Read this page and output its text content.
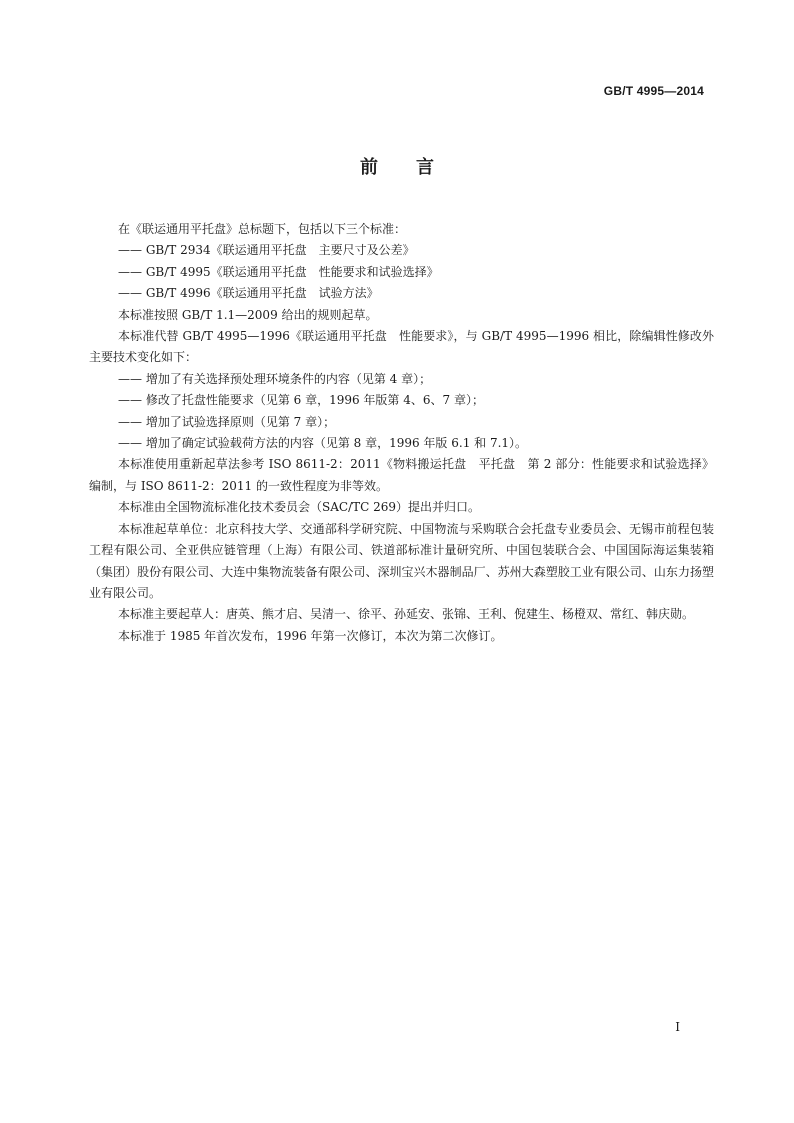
GB/T 4995—2014
前言

在《联运通用平托盘》总标题下，包括以下三个标准：

—— GB/T 2934《联运通用平托盘　主要尺寸及公差》

—— GB/T 4995《联运通用平托盘　性能要求和试验选择》

—— GB/T 4996《联运通用平托盘　试验方法》

本标准按照 GB/T 1.1—2009 给出的规则起草。

本标准代替 GB/T 4995—1996《联运通用平托盘　性能要求》，与 GB/T 4995—1996 相比，除编辑性修改外主要技术变化如下：

—— 增加了有关选择预处理环境条件的内容（见第 4 章）；

—— 修改了托盘性能要求（见第 6 章，1996 年版第 4、6、7 章）；

—— 增加了试验选择原则（见第 7 章）；

—— 增加了确定试验载荷方法的内容（见第 8 章，1996 年版 6.1 和 7.1）。

本标准使用重新起草法参考 ISO 8611-2：2011《物料搬运托盘　平托盘　第 2 部分：性能要求和试验选择》编制，与 ISO 8611-2：2011 的一致性程度为非等效。

本标准由全国物流标准化技术委员会（SAC/TC 269）提出并归口。

本标准起草单位：北京科技大学、交通部科学研究院、中国物流与采购联合会托盘专业委员会、无锡市前程包装工程有限公司、全亚供应链管理（上海）有限公司、铁道部标准计量研究所、中国包装联合会、中国国际海运集装箱（集团）股份有限公司、大连中集物流装备有限公司、深圳宝兴木器制品厂、苏州大森塑胶工业有限公司、山东力扬塑业有限公司。

本标准主要起草人：唐英、熊才启、吴清一、徐平、孙延安、张锦、王利、倪建生、杨橙双、常红、韩庆勋。

本标准于 1985 年首次发布，1996 年第一次修订，本次为第二次修订。

I
